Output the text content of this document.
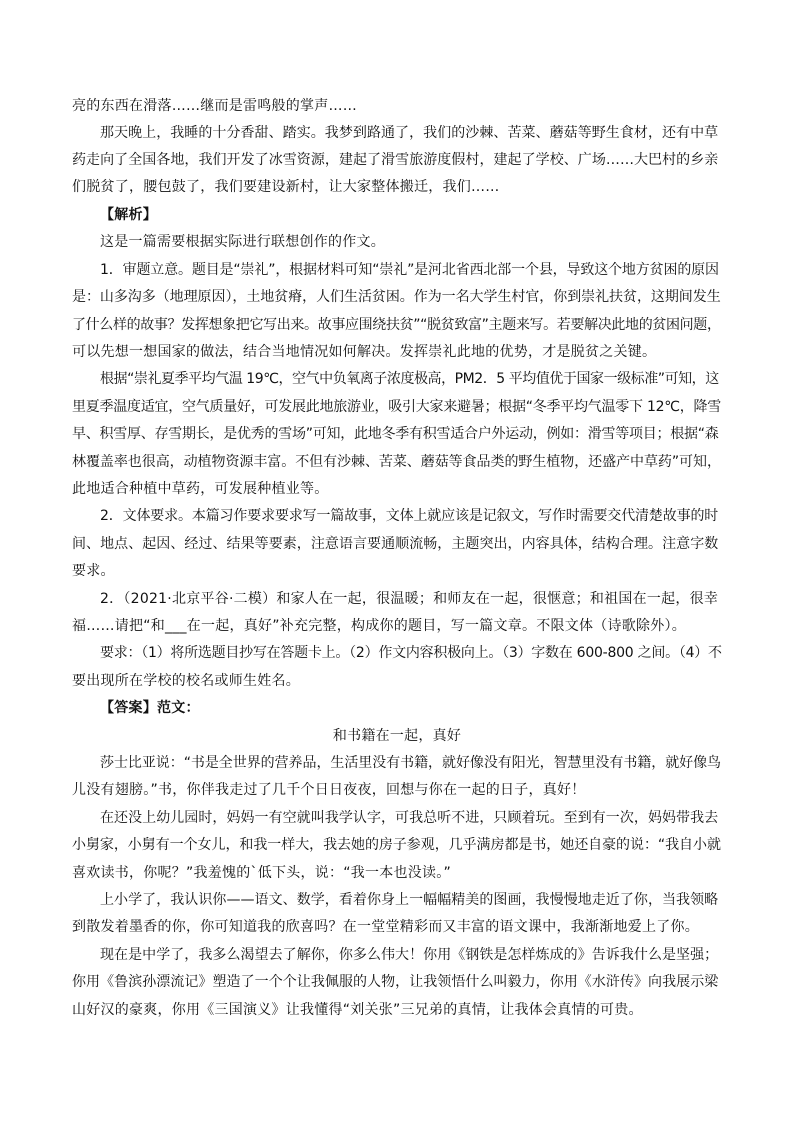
亮的东西在滑落……继而是雷鸣般的掌声……
那天晚上，我睡的十分香甜、踏实。我梦到路通了，我们的沙棘、苦菜、蘑菇等野生食材，还有中草
药走向了全国各地，我们开发了冰雪资源，建起了滑雪旅游度假村，建起了学校、广场……大巴村的乡亲
们脱贫了，腰包鼓了，我们要建设新村，让大家整体搬迁，我们……
【解析】
这是一篇需要根据实际进行联想创作的作文。
1．审题立意。题目是“崇礼”，根据材料可知“崇礼”是河北省西北部一个县，导致这个地方贫困的原因
是：山多沟多（地理原因），土地贫瘠，人们生活贫困。作为一名大学生村官，你到崇礼扶贫，这期间发生
了什么样的故事？发挥想象把它写出来。故事应围绕扶贫”“脱贫致富”主题来写。若要解决此地的贫困问题，
可以先想一想国家的做法，结合当地情况如何解决。发挥崇礼此地的优势，才是脱贫之关键。
根据“崇礼夏季平均气温 19℃，空气中负氧离子浓度极高，PM2．5 平均值优于国家一级标准”可知，这
里夏季温度适宜，空气质量好，可发展此地旅游业，吸引大家来避暑；根据“冬季平均气温零下 12℃，降雪
早、积雪厚、存雪期长，是优秀的雪场”可知，此地冬季有积雪适合户外运动，例如：滑雪等项目；根据“森
林覆盖率也很高，动植物资源丰富。不但有沙棘、苦菜、蘑菇等食品类的野生植物，还盛产中草药”可知，
此地适合种植中草药，可发展种植业等。
2．文体要求。本篇习作要求要求写一篇故事，文体上就应该是记叙文，写作时需要交代清楚故事的时
间、地点、起因、经过、结果等要素，注意语言要通顺流畅，主题突出，内容具体，结构合理。注意字数
要求。
2．（2021·北京平谷·二模）和家人在一起，很温暖；和师友在一起，很惬意；和祖国在一起，很幸
福……请把“和___在一起，真好”补充完整，构成你的题目，写一篇文章。不限文体（诗歌除外）。
要求：（1）将所选题目抄写在答题卡上。（2）作文内容积极向上。（3）字数在 600-800 之间。（4）不
要出现所在学校的校名或师生姓名。
【答案】范文：
和书籍在一起，真好
莎士比亚说：“书是全世界的营养品，生活里没有书籍，就好像没有阳光，智慧里没有书籍，就好像鸟
儿没有翅膀。”书，你伴我走过了几千个日日夜夜，回想与你在一起的日子，真好！
在还没上幼儿园时，妈妈一有空就叫我学认字，可我总听不进，只顾着玩。至到有一次，妈妈带我去
小舅家，小舅有一个女儿，和我一样大，我去她的房子参观，几乎满房都是书，她还自豪的说：“我自小就
喜欢读书，你呢？”我羞愧的`低下头，说：“我一本也没读。”
上小学了，我认识你——语文、数学，看着你身上一幅幅精美的图画，我慢慢地走近了你，当我领略
到散发着墨香的你，你可知道我的欣喜吗？在一堂堂精彩而又丰富的语文课中，我渐渐地爱上了你。
现在是中学了，我多么渴望去了解你，你多么伟大！你用《钢铁是怎样炼成的》告诉我什么是坚强；
你用《鲁滨孙漂流记》塑造了一个个让我佩服的人物，让我领悟什么叫毅力，你用《水浒传》向我展示梁
山好汉的豪爽，你用《三国演义》让我懂得“刘关张”三兄弟的真情，让我体会真情的可贵。
